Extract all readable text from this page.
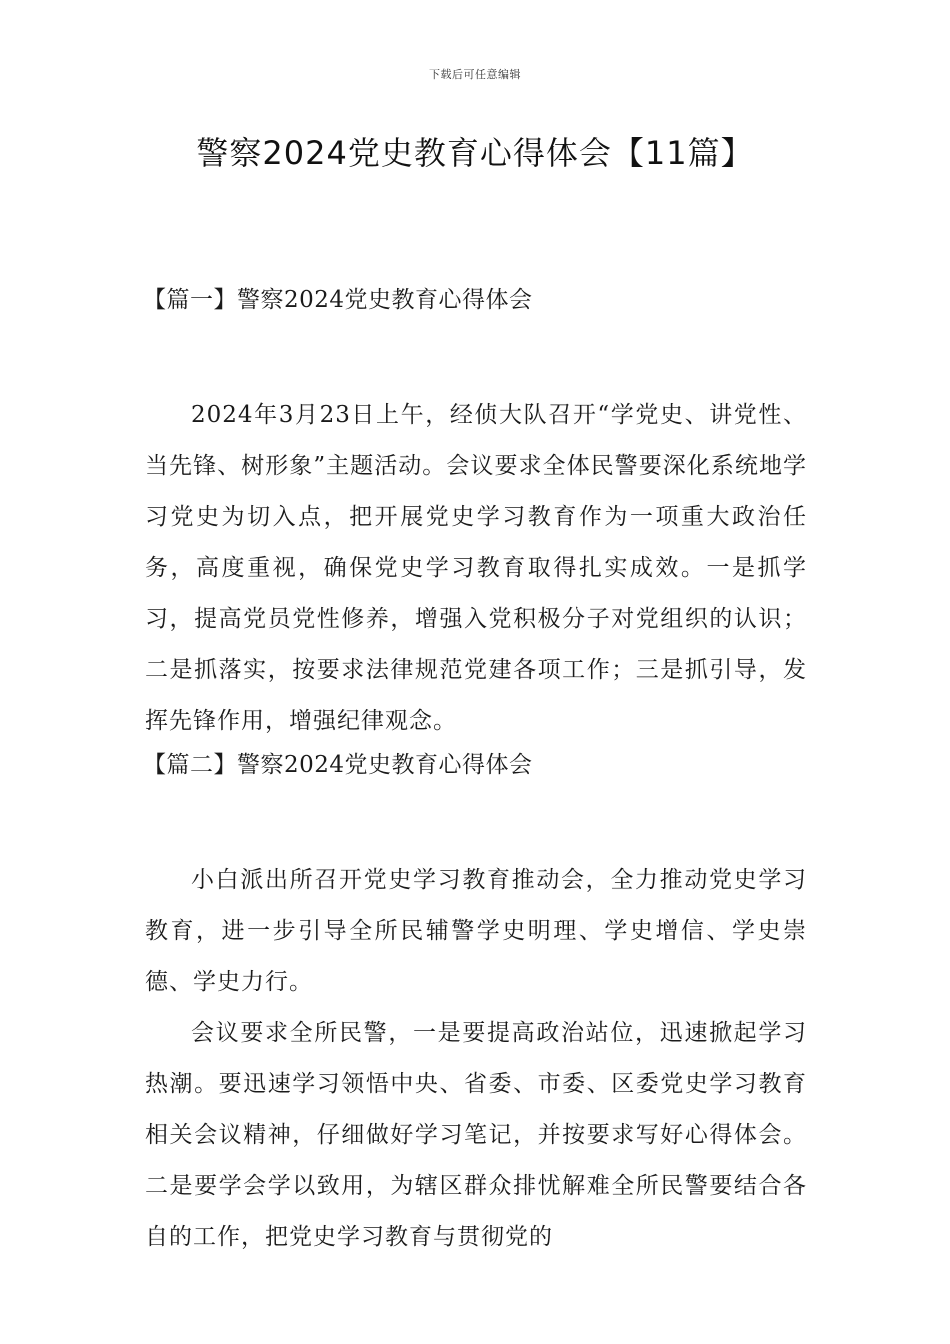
下载后可任意编辑
警察2024党史教育心得体会【11篇】

【篇一】警察2024党史教育心得体会

2024年3月23日上午，经侦大队召开“学党史、讲党性、当先锋、树形象”主题活动。会议要求全体民警要深化系统地学习党史为切入点，把开展党史学习教育作为一项重大政治任务，高度重视，确保党史学习教育取得扎实成效。一是抓学习，提高党员党性修养，增强入党积极分子对党组织的认识；二是抓落实，按要求法律规范党建各项工作；三是抓引导，发挥先锋作用，增强纪律观念。

【篇二】警察2024党史教育心得体会

小白派出所召开党史学习教育推动会，全力推动党史学习教育，进一步引导全所民辅警学史明理、学史增信、学史崇德、学史力行。

会议要求全所民警，一是要提高政治站位，迅速掀起学习热潮。要迅速学习领悟中央、省委、市委、区委党史学习教育相关会议精神，仔细做好学习笔记，并按要求写好心得体会。二是要学会学以致用，为辖区群众排忧解难全所民警要结合各自的工作，把党史学习教育与贯彻党的
